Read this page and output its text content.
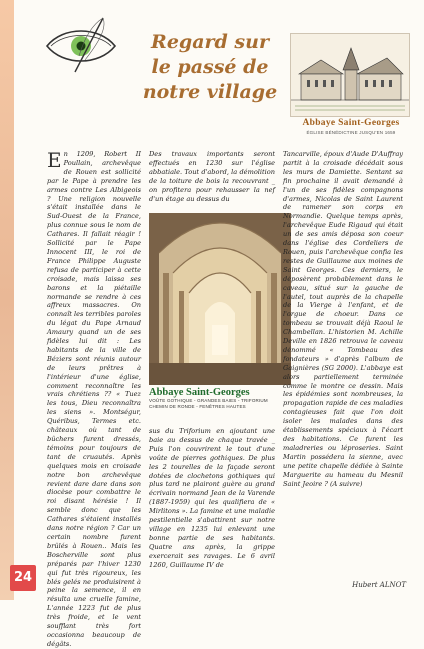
24
Regard sur
le passé de
notre village
Abbaye Saint-Georges
ÉGLISE BÉNÉDICTINE JUSQU'EN 1659
En 1209, Robert II Poullain, archevêque de Rouen est sollicité par le Pape à prendre les armes contre Les Albigeois ? Une religion nouvelle s'était installée dans le Sud-Ouest de la France, plus connue sous le nom de Cathares. Il fallait réagir ! Sollicité par le Pape Innocent III, le roi de France Philippe Auguste refusa de participer à cette croisade, mais laissa ses barons et la piétaille normande se rendre à ces affreux massacres. On connaît les terribles paroles du légat du Pape Arnaud Amaury quand un de ses fidèles lui dit : Les habitants de la ville de Béziers sont réunis autour de leurs prêtres à l'intérieur d'une église, comment reconnaître les vrais chrétiens ?? « Tuez les tous, Dieu reconnaîtra les siens ». Montségur, Quéribus, Termes etc. châteaux où tant de bûchers furent dressés, témoins pour toujours de tant de cruautés. Après quelques mois en croisade notre bon archevêque revient dare dare dans son diocèse pour combattre le roi disant hérésie ! Il semble donc que les Cathares s'étaient installés dans notre région ? Car un certain nombre furent brûlés à Rouen.. Mais les Boscherville sont plus préparés par l'hiver 1230 qui fut très rigoureux, les blés gelés ne produisirent à peine la semence, il en résulta une cruelle famine, L'année 1223 fut de plus très froide, et le vent soufflant très fort occasionna beaucoup de dégâts.
Des travaux importants seront effectués en 1230 sur l'église abbatiale. Tout d'abord, la démolition de la toiture de bois la recouvrant _ on profitera pour rehausser la nef d'un étage au dessus du
Abbaye Saint-Georges
VOÛTE GOTHIQUE - GRANDES BAIES - TRIFORIUM
CHEMIN DE RONDE - FENÊTRES HAUTES
sus du Triforium en ajoutant une baie au dessus de chaque travée _ Puis l'on couvrirent le tout d'une voûte de pierres gothiques. De plus les 2 tourelles de la façade seront dotées de clochetons gothiques qui plus tard ne plairont guère au grand écrivain normand Jean de la Varende (1887-1959) qui les qualifiera de « Mirlitons ». La famine et une maladie pestilentielle s'abattirent sur notre village en 1235 lui enlevant une bonne partie de ses habitants. Quatre ans après, la grippe exercerait ses ravages. Le 6 avril 1260, Guillaume IV de
Tancarville, époux d'Aude D'Auffray partit à la croisade décédait sous les murs de Damiette. Sentant sa fin prochaine il avait demandé à l'un de ses fidèles compagnons d'armes, Nicolas de Saint Laurent de ramener son corps en Normandie. Quelque temps après, l'archevêque Eude Rigaud qui était un de ses amis déposa son coeur dans l'église des Cordeliers de Rouen, puis l'archevêque confia les restes de Guillaume aux moines de Saint Georges. Ces derniers, le déposèrent probablement dans le caveau, situé sur la gauche de l'autel, tout auprès de la chapelle de la Vierge à l'enfant, et de l'orgue de choeur. Dans ce tombeau se trouvait déjà Raoul le Chambellan. L'historien M. Achille Deville en 1826 retrouva le caveau dénommé « Tombeau des fondateurs » d'après l'album de Gaignières (SG 2000). L'abbaye est alors partiellement terminée comme le montre ce dessin. Mais les épidémies sont nombreuses, la propagation rapide de ces maladies contagieuses fait que l'on doit isoler les malades dans des établissements spéciaux à l'écart des habitations. Ce furent les maladreries ou léproseries. Saint Martin possédera la sienne, avec une petite chapelle dédiée à Sainte Marguerite au hameau du Mesnil Saint Jeoire ? (A suivre)
Hubert ALNOT
